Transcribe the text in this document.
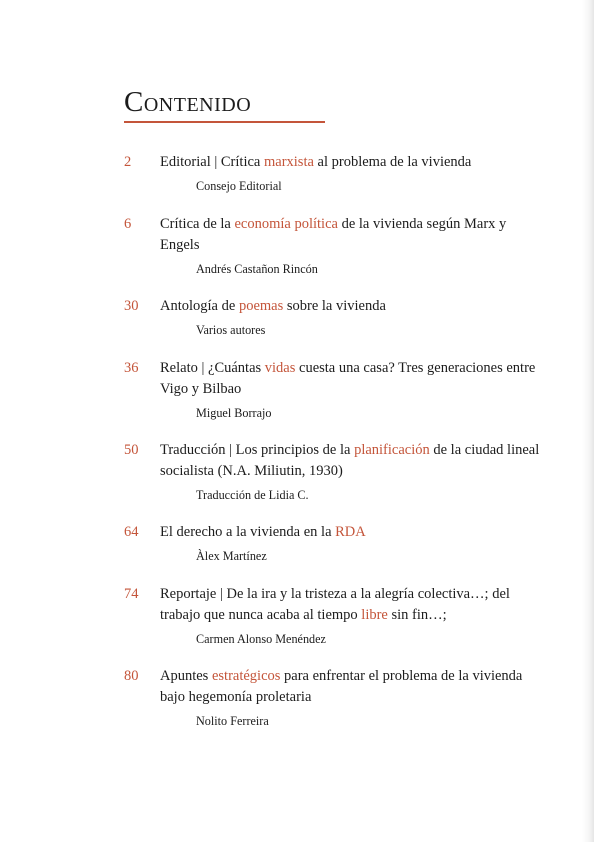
Contenido
2 Editorial | Crítica marxista al problema de la vivienda
Consejo Editorial
6 Crítica de la economía política de la vivienda según Marx y Engels
Andrés Castañon Rincón
30 Antología de poemas sobre la vivienda
Varios autores
36 Relato | ¿Cuántas vidas cuesta una casa? Tres generaciones entre Vigo y Bilbao
Miguel Borrajo
50 Traducción | Los principios de la planificación de la ciudad lineal socialista (N.A. Miliutin, 1930)
Traducción de Lidia C.
64 El derecho a la vivienda en la RDA
Àlex Martínez
74 Reportaje | De la ira y la tristeza a la alegría colectiva…; del trabajo que nunca acaba al tiempo libre sin fin…;
Carmen Alonso Menéndez
80 Apuntes estratégicos para enfrentar el problema de la vivienda bajo hegemonía proletaria
Nolito Ferreira
